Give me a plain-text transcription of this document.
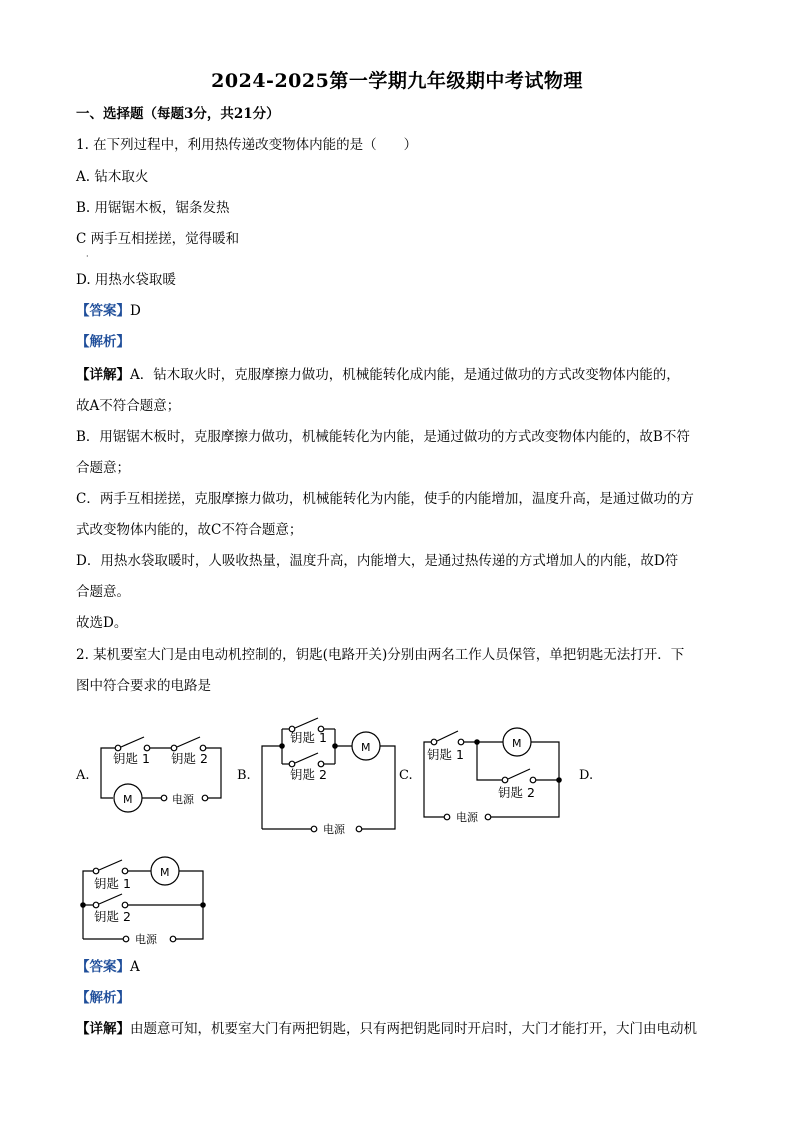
2024-2025第一学期九年级期中考试物理
一、选择题（每题3分，共21分）
1. 在下列过程中，利用热传递改变物体内能的是（　　）
A. 钻木取火
B. 用锯锯木板，锯条发热
C 两手互相搓搓，觉得暖和
·
D. 用热水袋取暖
【答案】D
【解析】
【详解】A．钻木取火时，克服摩擦力做功，机械能转化成内能，是通过做功的方式改变物体内能的，
故A不符合题意；
B．用锯锯木板时，克服摩擦力做功，机械能转化为内能，是通过做功的方式改变物体内能的，故B不符
合题意；
C．两手互相搓搓，克服摩擦力做功，机械能转化为内能，使手的内能增加，温度升高，是通过做功的方
式改变物体内能的，故C不符合题意；
D．用热水袋取暖时，人吸收热量，温度升高，内能增大，是通过热传递的方式增加人的内能，故D符
合题意。
故选D。
2. 某机要室大门是由电动机控制的，钥匙(电路开关)分别由两名工作人员保管，单把钥匙无法打开．下
图中符合要求的电路是
A.	B.	C.	D.
钥匙 1 钥匙 2
M	电源
钥匙 1
钥匙 2
M
电源
钥匙 1
钥匙 2
M
电源
钥匙 1
钥匙 2
M
电源
【答案】A
【解析】
【详解】由题意可知，机要室大门有两把钥匙，只有两把钥匙同时开启时，大门才能打开，大门由电动机
